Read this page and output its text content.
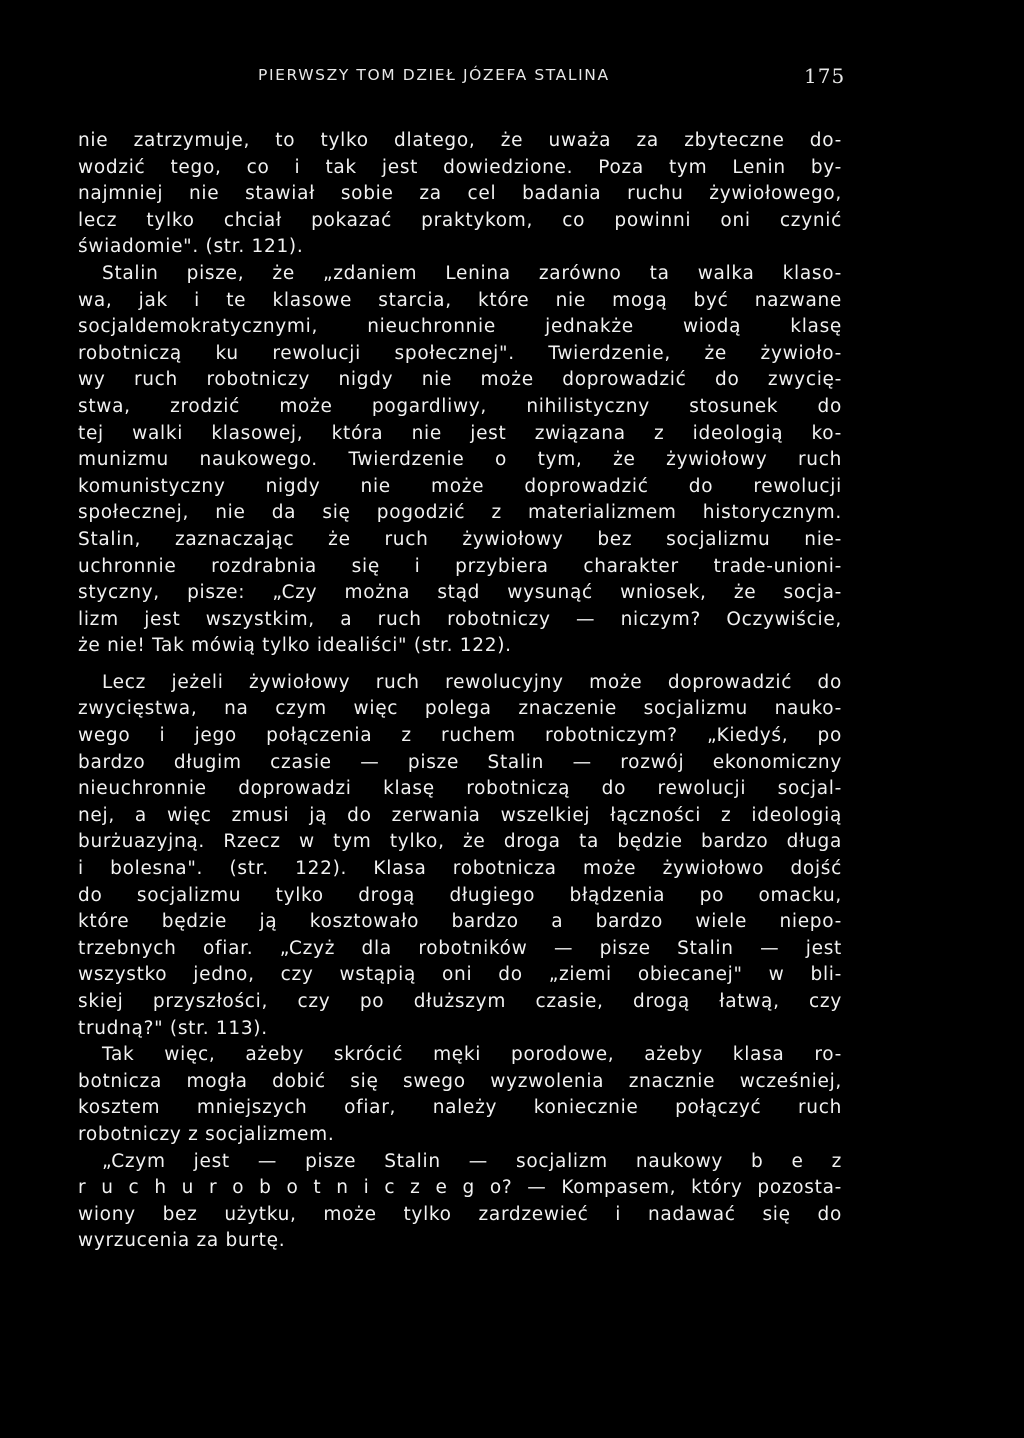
PIERWSZY TOM DZIEŁ JÓZEFA STALINA	175
nie zatrzymuje, to tylko dlatego, że uważa za zbyteczne do-
wodzić tego, co i tak jest dowiedzione. Poza tym Lenin by-
najmniej nie stawiał sobie za cel badania ruchu żywiołowego,
lecz tylko chciał pokazać praktykom, co powinni oni czynić
świadomie". (str. 121).
Stalin pisze, że „zdaniem Lenina zarówno ta walka klaso-
wa, jak i te klasowe starcia, które nie mogą być nazwane
socjaldemokratycznymi, nieuchronnie jednakże wiodą klasę
robotniczą ku rewolucji społecznej". Twierdzenie, że żywioło-
wy ruch robotniczy nigdy nie może doprowadzić do zwycię-
stwa, zrodzić może pogardliwy, nihilistyczny stosunek do
tej walki klasowej, która nie jest związana z ideologią ko-
munizmu naukowego. Twierdzenie o tym, że żywiołowy ruch
komunistyczny nigdy nie może doprowadzić do rewolucji
społecznej, nie da się pogodzić z materializmem historycznym.
Stalin, zaznaczając że ruch żywiołowy bez socjalizmu nie-
uchronnie rozdrabnia się i przybiera charakter trade-unioni-
styczny, pisze: „Czy można stąd wysunąć wniosek, że socja-
lizm jest wszystkim, a ruch robotniczy — niczym? Oczywiście,
że nie! Tak mówią tylko idealiści" (str. 122).
Lecz jeżeli żywiołowy ruch rewolucyjny może doprowadzić do
zwycięstwa, na czym więc polega znaczenie socjalizmu nauko-
wego i jego połączenia z ruchem robotniczym? „Kiedyś, po
bardzo długim czasie — pisze Stalin — rozwój ekonomiczny
nieuchronnie doprowadzi klasę robotniczą do rewolucji socjal-
nej, a więc zmusi ją do zerwania wszelkiej łączności z ideologią
burżuazyjną. Rzecz w tym tylko, że droga ta będzie bardzo długa
i bolesna". (str. 122). Klasa robotnicza może żywiołowo dojść
do socjalizmu tylko drogą długiego błądzenia po omacku,
które będzie ją kosztowało bardzo a bardzo wiele niepo-
trzebnych ofiar. „Czyż dla robotników — pisze Stalin — jest
wszystko jedno, czy wstąpią oni do „ziemi obiecanej" w bli-
skiej przyszłości, czy po dłuższym czasie, drogą łatwą, czy
trudną?" (str. 113).
Tak więc, ażeby skrócić męki porodowe, ażeby klasa ro-
botnicza mogła dobić się swego wyzwolenia znacznie wcześniej,
kosztem mniejszych ofiar, należy koniecznie połączyć ruch
robotniczy z socjalizmem.
„Czym jest — pisze Stalin — socjalizm naukowy b e z
r u c h u r o b o t n i c z e g o? — Kompasem, który pozosta-
wiony bez użytku, może tylko zardzewieć i nadawać się do
wyrzucenia za burtę.
